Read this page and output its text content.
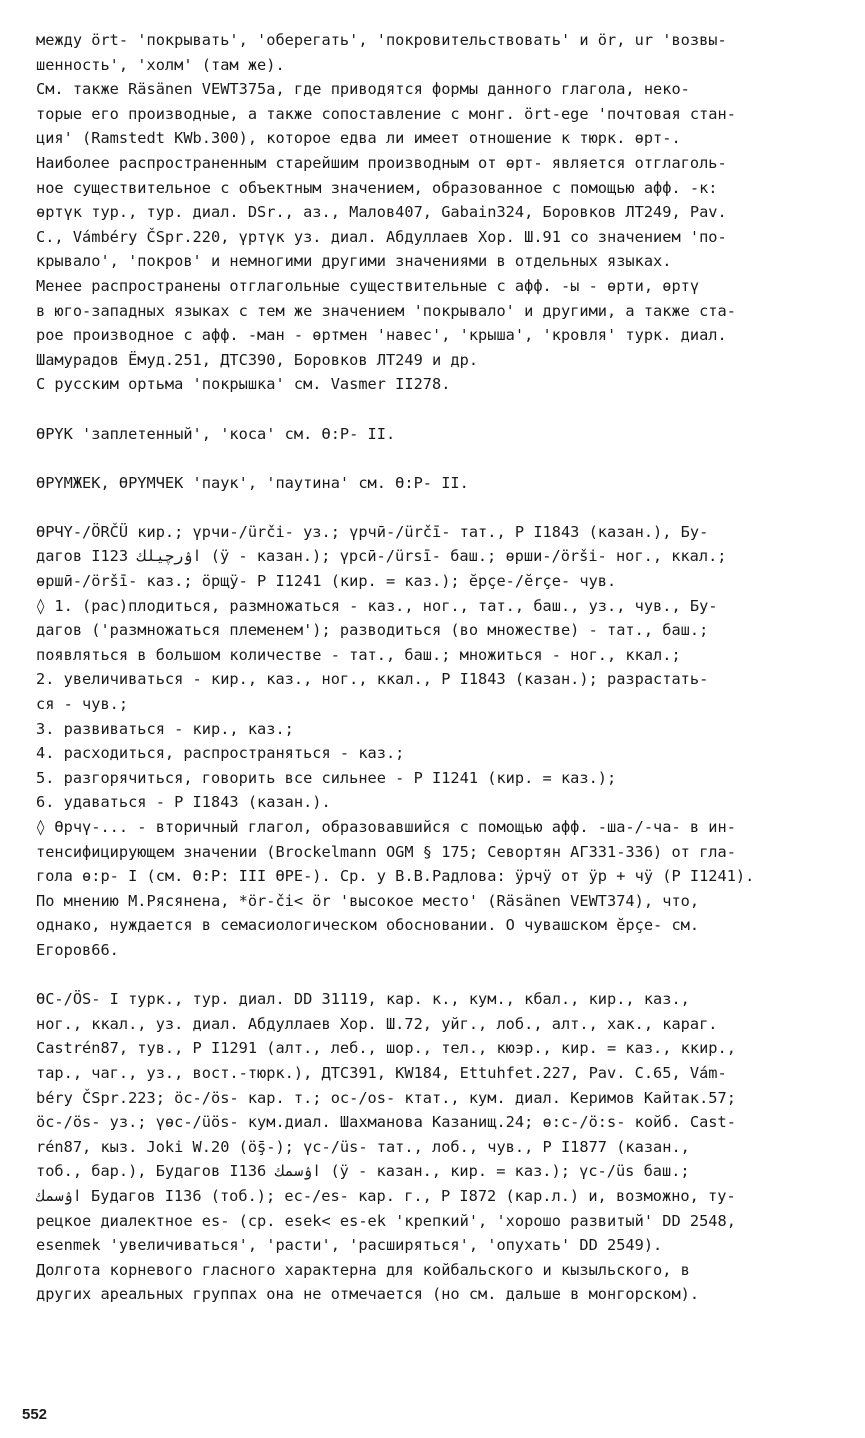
между ӧrt- 'покрывать', 'оберегать', 'покровительствовать' и ӧr, ur 'возвы-
шенность', 'холм' (там же).
См. также Räsänen VEWT375а, где приводятся формы данного глагола, неко-
торые его производные, а также сопоставление с монг. ӧrt-ege 'почтовая стан-
ция' (Ramstedt KWb.300), которое едва ли имеет отношение к тюрк. өрт-.
Наиболее распространенным старейшим производным от өрт- является отглаголь-
ное существительное с объектным значением, образованное с помощью афф. -к:
өртүк тур., тур. диал. DSr., аз., Малов407, Gabain324, Боровков ЛТ249, Pav.
C., Vámbéry ČSpr.220, үртүк уз. диал. Абдуллаев Хор. Ш.91 со значением 'по-
крывало', 'покров' и немногими другими значениями в отдельных языках.
Менее распространены отглагольные существительные с афф. -ы - өрти, өртү
в юго-западных языках с тем же значением 'покрывало' и другими, а также ста-
рое производное с афф. -ман - өртмен 'навес', 'крыша', 'кровля' турк. диал.
Шамурадов Ёмуд.251, ДТС390, Боровков ЛТ249 и др.
С русским ортьма 'покрышка' см. Vasmer II278.
ӨРҮК 'заплетенный', 'коса' см. Ө:Р- II.
ӨРҮМЖЕК, ӨРҮМЧЕК 'паук', 'паутина' см. Ө:Р- II.
ӨРЧҮ-/ÖRČÜ кир.; үрчи-/ürči- уз.; үрчӣ-/ürčī- тат., Р I1843 (казан.), Бу-
дагов I123 اۉرچيلك (ӱ - казан.); үрсӣ-/ürsī- баш.; өрши-/örši- ног., ккал.;
өршӣ-/öršī- каз.; ӧрщӱ- Р I1241 (кир. = каз.); ĕрçе-/ĕrçe- чув.
◊ 1. (рас)плодиться, размножаться - каз., ног., тат., баш., уз., чув., Бу-
дагов ('размножаться племенем'); разводиться (во множестве) - тат., баш.;
появляться в большом количестве - тат., баш.; множиться - ног., ккал.;
2. увеличиваться - кир., каз., ног., ккал., Р I1843 (казан.); разрастать-
ся - чув.;
3. развиваться - кир., каз.;
4. расходиться, распространяться - каз.;
5. разгорячиться, говорить все сильнее - Р I1241 (кир. = каз.);
6. удаваться - Р I1843 (казан.).
◊ Өрчү-... - вторичный глагол, образовавшийся с помощью афф. -ша-/-ча- в ин-
тенсифицирующем значении (Brockelmann OGM § 175; Севортян АГ331-336) от гла-
гола ө:р- I (см. Ө:Р: III ӨРЕ-). Ср. у В.В.Радлова: ӱрчӱ от ӱр + чӱ (Р I1241).
По мнению М.Рясянена, *ӧr-či< ӧr 'высокое место' (Räsänen VEWT374), что,
однако, нуждается в семасиологическом обосновании. О чувашском ĕрçе- см.
Егоров66.
ӨС-/ÖS- I турк., тур. диал. DD 31119, кар. к., кум., кбал., кир., каз.,
ног., ккал., уз. диал. Абдуллаев Хор. Ш.72, уйг., лоб., алт., хак., караг.
Castrén87, тув., Р I1291 (алт., леб., шор., тел., кюэр., кир. = каз., ккир.,
тар., чаг., уз., вост.-тюрк.), ДТС391, KW184, Ettuhfet.227, Pav. C.65, Vám-
béry ČSpr.223; ӧс-/ös- кар. т.; ос-/os- ктат., кум. диал. Керимов Кайтак.57;
ӧс-/ös- уз.; үөс-/üös- кум.диал. Шахманова Казанищ.24; ө:с-/ö:s- койб. Cast-
rén87, кыз. Joki W.20 (ӧ̄ş-); үс-/üs- тат., лоб., чув., Р I1877 (казан.,
тоб., бар.), Будагов I136 اۉسمك (ӱ - казан., кир. = каз.); үс-/üs баш.;
اۉسمك Будагов I136 (тоб.); ес-/es- кар. г., Р I872 (кар.л.) и, возможно, ту-
рецкое диалектное es- (ср. esek< es-ek 'крепкий', 'хорошо развитый' DD 2548,
esenmek 'увеличиваться', 'расти', 'расширяться', 'опухать' DD 2549).
Долгота корневого гласного характерна для койбальского и кызыльского, в
других ареальных группах она не отмечается (но см. дальше в монгорском).
552
